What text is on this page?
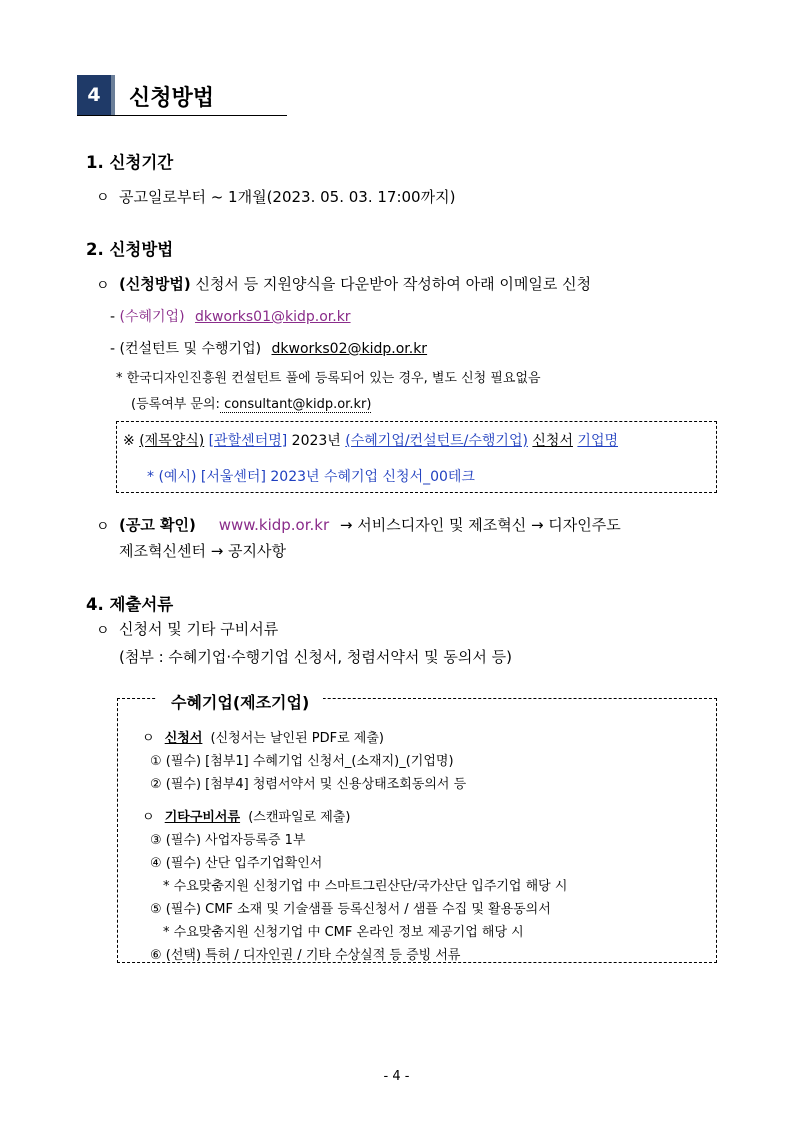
4	신청방법
1. 신청기간
ㅇ 공고일로부터 ~ 1개월(2023. 05. 03. 17:00까지)
2. 신청방법
ㅇ (신청방법) 신청서 등 지원양식을 다운받아 작성하여 아래 이메일로 신청
- (수혜기업) dkworks01@kidp.or.kr
- (컨설턴트 및 수행기업) dkworks02@kidp.or.kr
* 한국디자인진흥원 컨설턴트 풀에 등록되어 있는 경우, 별도 신청 필요없음
(등록여부 문의: consultant@kidp.or.kr)
※ (제목양식) [관할센터명] 2023년 (수혜기업/컨설턴트/수행기업) 신청서 기업명
* (예시) [서울센터] 2023년 수혜기업 신청서_00테크
ㅇ (공고 확인) www.kidp.or.kr → 서비스디자인 및 제조혁신 → 디자인주도
제조혁신센터 → 공지사항
4. 제출서류
ㅇ 신청서 및 기타 구비서류
(첨부 : 수혜기업·수행기업 신청서, 청렴서약서 및 동의서 등)
수혜기업(제조기업)
ㅇ 신청서 (신청서는 날인된 PDF로 제출)
① (필수) [첨부1] 수혜기업 신청서_(소재지)_(기업명)
② (필수) [첨부4] 청렴서약서 및 신용상태조회동의서 등
ㅇ 기타구비서류 (스캔파일로 제출)
③ (필수) 사업자등록증 1부
④ (필수) 산단 입주기업확인서
* 수요맞춤지원 신청기업 中 스마트그린산단/국가산단 입주기업 해당 시
⑤ (필수) CMF 소재 및 기술샘플 등록신청서 / 샘플 수집 및 활용동의서
* 수요맞춤지원 신청기업 中 CMF 온라인 정보 제공기업 해당 시
⑥ (선택) 특허 / 디자인권 / 기타 수상실적 등 증빙 서류
- 4 -
